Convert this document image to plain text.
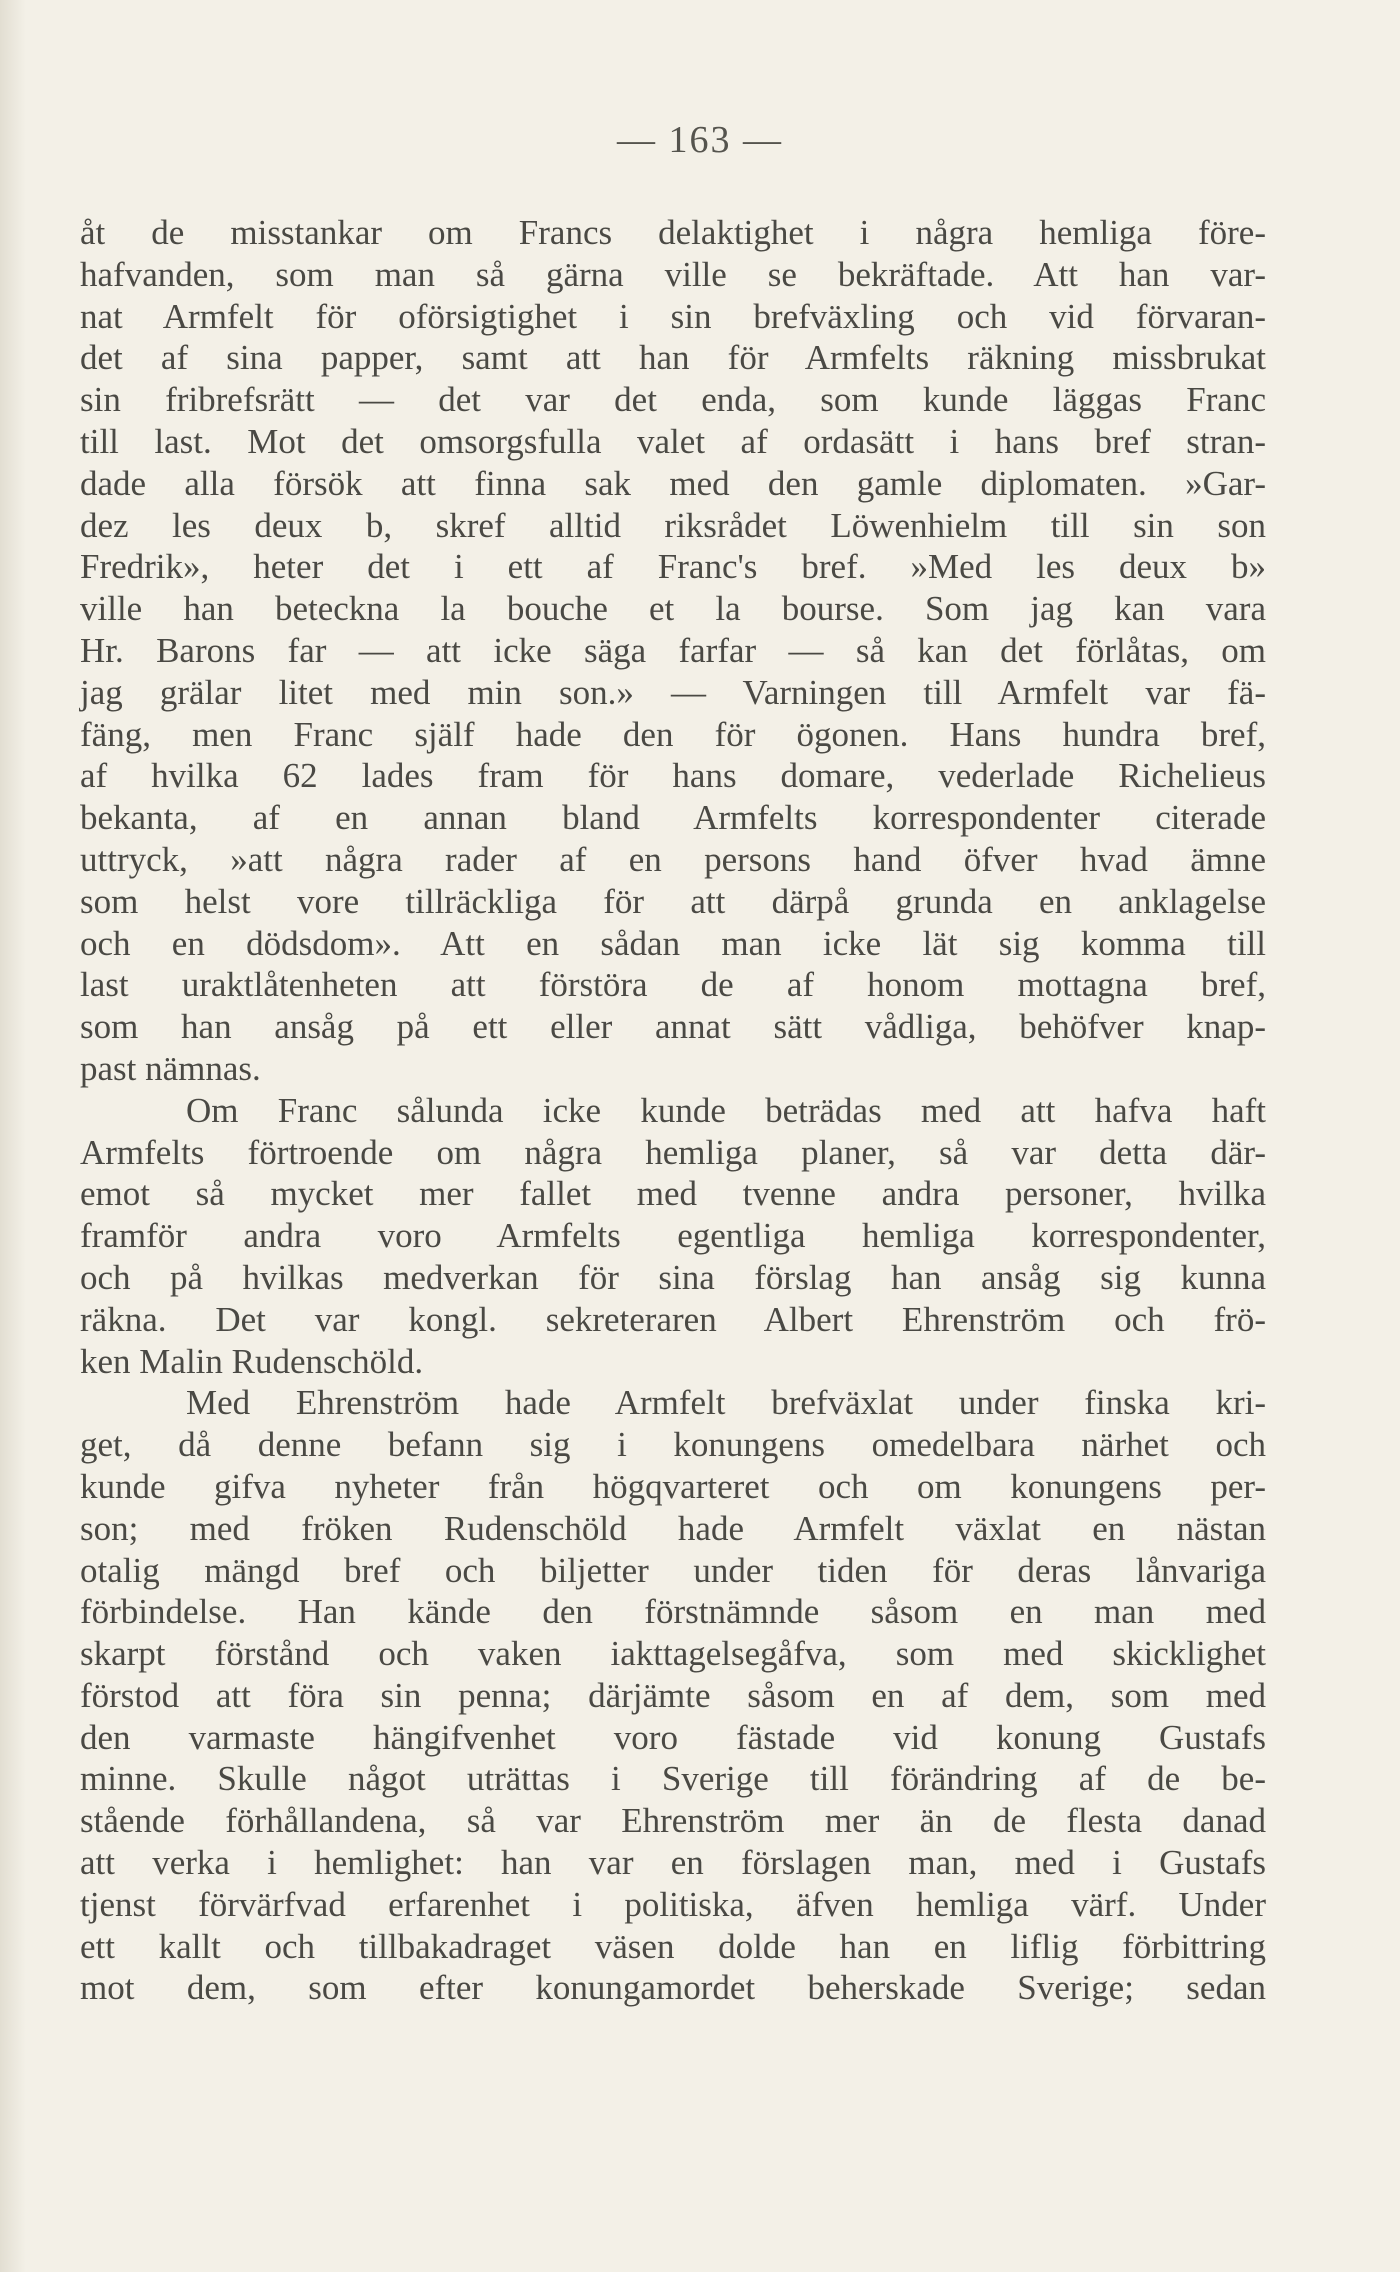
— 163 —
åt de misstankar om Francs delaktighet i några hemliga före-
hafvanden, som man så gärna ville se bekräftade. Att han var-
nat Armfelt för oförsigtighet i sin brefväxling och vid förvaran-
det af sina papper, samt att han för Armfelts räkning missbrukat
sin fribrefsrätt — det var det enda, som kunde läggas Franc
till last. Mot det omsorgsfulla valet af ordasätt i hans bref stran-
dade alla försök att finna sak med den gamle diplomaten. »Gar-
dez les deux b, skref alltid riksrådet Löwenhielm till sin son
Fredrik», heter det i ett af Franc's bref. »Med les deux b»
ville han beteckna la bouche et la bourse. Som jag kan vara
Hr. Barons far — att icke säga farfar — så kan det förlåtas, om
jag grälar litet med min son.» — Varningen till Armfelt var fä-
fäng, men Franc själf hade den för ögonen. Hans hundra bref,
af hvilka 62 lades fram för hans domare, vederlade Richelieus
bekanta, af en annan bland Armfelts korrespondenter citerade
uttryck, »att några rader af en persons hand öfver hvad ämne
som helst vore tillräckliga för att därpå grunda en anklagelse
och en dödsdom». Att en sådan man icke lät sig komma till
last uraktlåtenheten att förstöra de af honom mottagna bref,
som han ansåg på ett eller annat sätt vådliga, behöfver knap-
past nämnas.
Om Franc sålunda icke kunde beträdas med att hafva haft
Armfelts förtroende om några hemliga planer, så var detta där-
emot så mycket mer fallet med tvenne andra personer, hvilka
framför andra voro Armfelts egentliga hemliga korrespondenter,
och på hvilkas medverkan för sina förslag han ansåg sig kunna
räkna. Det var kongl. sekreteraren Albert Ehrenström och frö-
ken Malin Rudenschöld.
Med Ehrenström hade Armfelt brefväxlat under finska kri-
get, då denne befann sig i konungens omedelbara närhet och
kunde gifva nyheter från högqvarteret och om konungens per-
son; med fröken Rudenschöld hade Armfelt växlat en nästan
otalig mängd bref och biljetter under tiden för deras lånvariga
förbindelse. Han kände den förstnämnde såsom en man med
skarpt förstånd och vaken iakttagelsegåfva, som med skicklighet
förstod att föra sin penna; därjämte såsom en af dem, som med
den varmaste hängifvenhet voro fästade vid konung Gustafs
minne. Skulle något uträttas i Sverige till förändring af de be-
stående förhållandena, så var Ehrenström mer än de flesta danad
att verka i hemlighet: han var en förslagen man, med i Gustafs
tjenst förvärfvad erfarenhet i politiska, äfven hemliga värf. Under
ett kallt och tillbakadraget väsen dolde han en liflig förbittring
mot dem, som efter konungamordet beherskade Sverige; sedan
